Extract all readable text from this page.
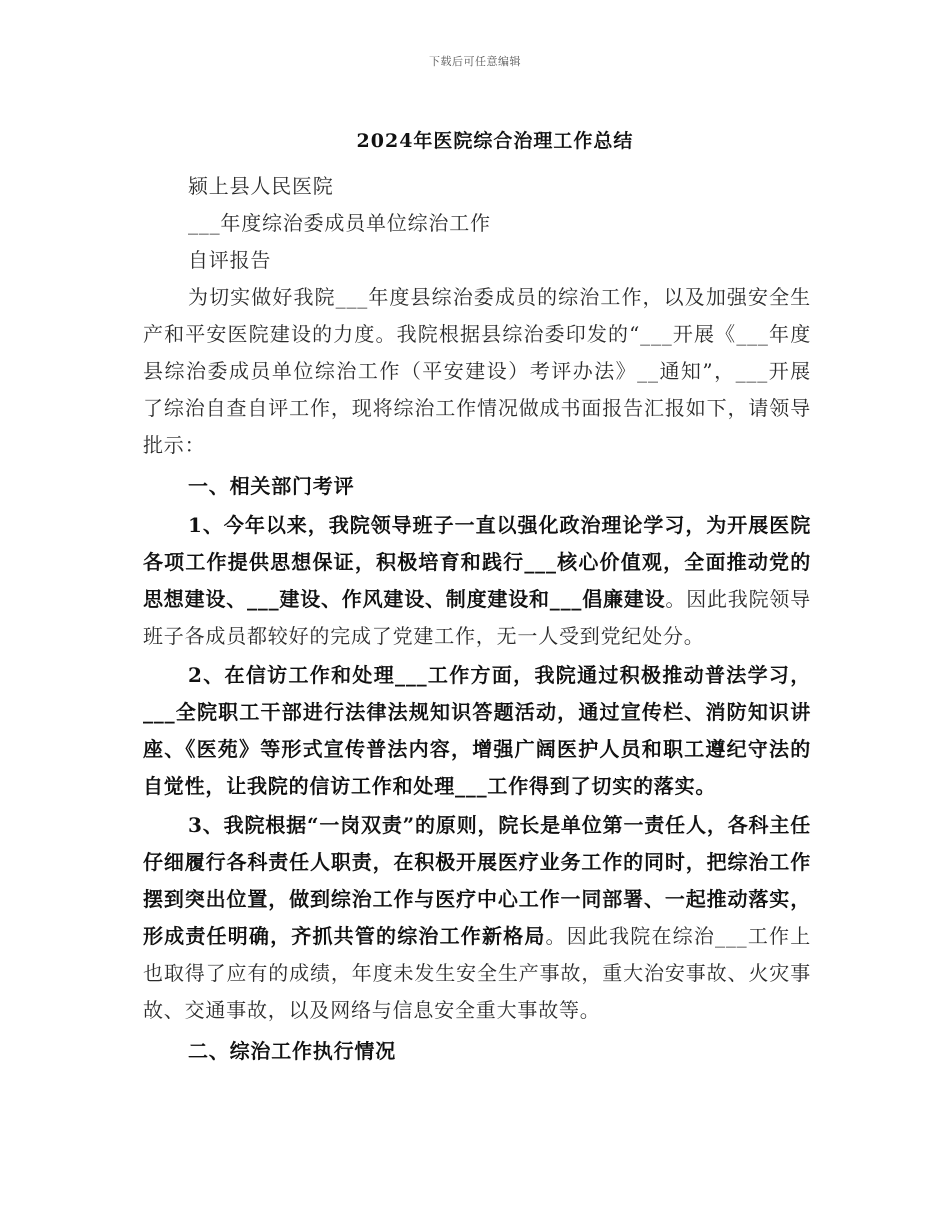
下载后可任意编辑
2024年医院综合治理工作总结
颍上县人民医院
___年度综治委成员单位综治工作
自评报告

为切实做好我院___年度县综治委成员的综治工作，以及加强安全生产和平安医院建设的力度。我院根据县综治委印发的“___开展《___年度县综治委成员单位综治工作（平安建设）考评办法》__通知”，___开展了综治自查自评工作，现将综治工作情况做成书面报告汇报如下，请领导批示：

一、相关部门考评

1、今年以来，我院领导班子一直以强化政治理论学习，为开展医院各项工作提供思想保证，积极培育和践行___核心价值观，全面推动党的思想建设、___建设、作风建设、制度建设和___倡廉建设。因此我院领导班子各成员都较好的完成了党建工作，无一人受到党纪处分。

2、在信访工作和处理___工作方面，我院通过积极推动普法学习，___全院职工干部进行法律法规知识答题活动，通过宣传栏、消防知识讲座、《医苑》等形式宣传普法内容，增强广阔医护人员和职工遵纪守法的自觉性，让我院的信访工作和处理___工作得到了切实的落实。

3、我院根据“一岗双责”的原则，院长是单位第一责任人，各科主任仔细履行各科责任人职责，在积极开展医疗业务工作的同时，把综治工作摆到突出位置，做到综治工作与医疗中心工作一同部署、一起推动落实，形成责任明确，齐抓共管的综治工作新格局。因此我院在综治___工作上也取得了应有的成绩，年度未发生安全生产事故，重大治安事故、火灾事故、交通事故，以及网络与信息安全重大事故等。

二、综治工作执行情况
